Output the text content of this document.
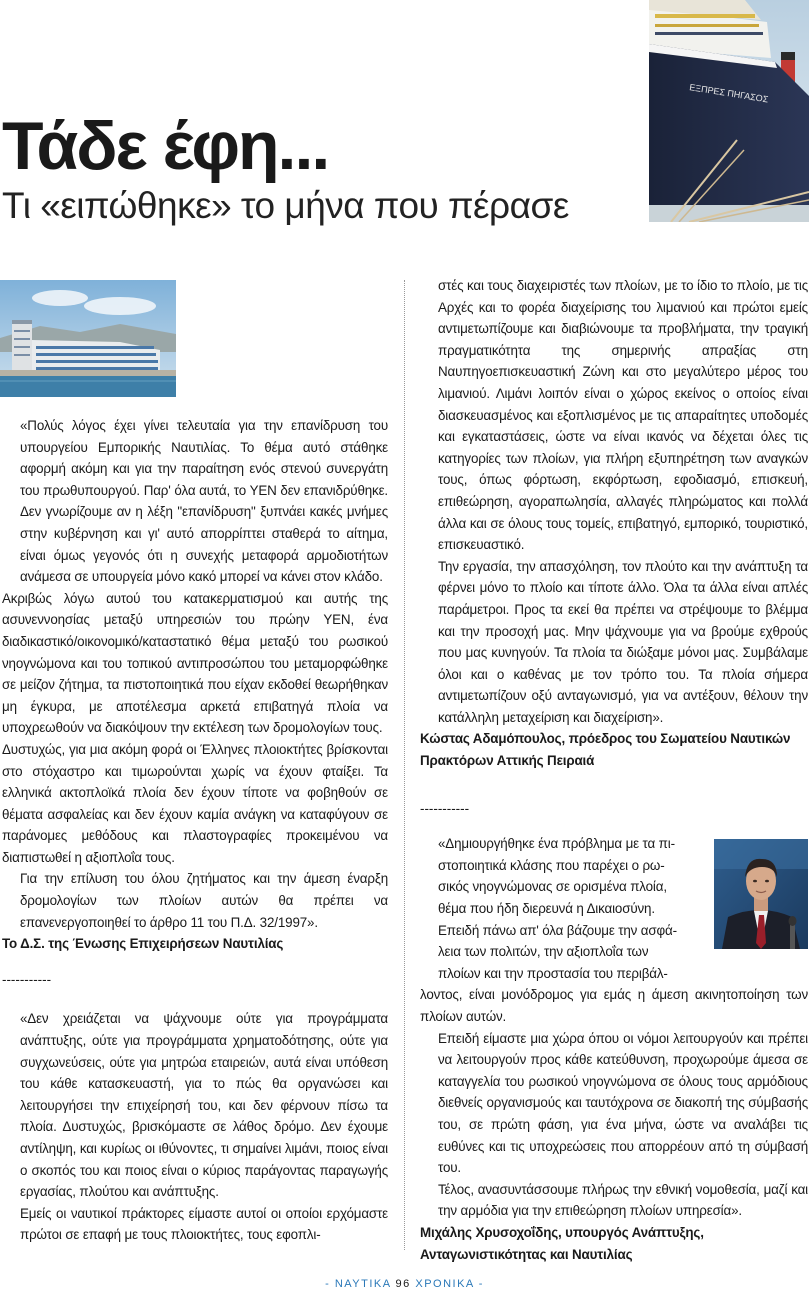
Τάδε έφη...
Τι «ειπώθηκε» το μήνα που πέρασε
ΕΞΠΡΕΣ ΠΗΓΑΣΟΣ

«Πολύς λόγος έχει γίνει τελευταία για την επανίδρυση του υπουργείου Εμπορικής Ναυτιλίας. Το θέμα αυτό στάθηκε αφορμή ακόμη και για την παραίτηση ενός στενού συνεργάτη του πρωθυπουργού. Παρ' όλα αυτά, το ΥΕΝ δεν επανιδρύθηκε. Δεν γνωρίζουμε αν η λέξη "επανίδρυση" ξυπνάει κακές μνήμες στην κυβέρνηση και γι' αυτό απορρίπτει σταθερά το αίτημα, είναι όμως γεγονός ότι η συνεχής μεταφορά αρμοδιοτήτων ανάμεσα σε υπουργεία μόνο κακό μπορεί να κάνει στον κλάδο.

Ακριβώς λόγω αυτού του κατακερματισμού και αυτής της ασυνεννοησίας μεταξύ υπηρεσιών του πρώην ΥΕΝ, ένα διαδικαστικό/οικονομικό/καταστατικό θέμα μεταξύ του ρωσικού νηογνώμονα και του τοπικού αντιπροσώπου του μεταμορφώθηκε σε μείζον ζήτημα, τα πιστοποιητικά που είχαν εκδοθεί θεωρήθηκαν μη έγκυρα, με αποτέλεσμα αρκετά επιβατηγά πλοία να υποχρεωθούν να διακόψουν την εκτέλεση των δρομολογίων τους.

Δυστυχώς, για μια ακόμη φορά οι Έλληνες πλοιοκτήτες βρίσκονται στο στόχαστρο και τιμωρούνται χωρίς να έχουν φταίξει. Τα ελληνικά ακτοπλοϊκά πλοία δεν έχουν τίποτε να φοβηθούν σε θέματα ασφαλείας και δεν έχουν καμία ανάγκη να καταφύγουν σε παράνομες μεθόδους και πλαστογραφίες προκειμένου να διαπιστωθεί η αξιοπλοΐα τους.

Για την επίλυση του όλου ζητήματος και την άμεση έναρξη δρομολογίων των πλοίων αυτών θα πρέπει να επανενεργοποιηθεί το άρθρο 11 του Π.Δ. 32/1997».

Το Δ.Σ. της Ένωσης Επιχειρήσεων Ναυτιλίας

-----------

«Δεν χρειάζεται να ψάχνουμε ούτε για προγράμματα ανάπτυξης, ούτε για προγράμματα χρηματοδότησης, ούτε για συγχωνεύσεις, ούτε για μητρώα εταιρειών, αυτά είναι υπόθεση του κάθε κατασκευαστή, για το πώς θα οργανώσει και λειτουργήσει την επιχείρησή του, και δεν φέρνουν πίσω τα πλοία. Δυστυχώς, βρισκόμαστε σε λάθος δρόμο. Δεν έχουμε αντίληψη, και κυρίως οι ιθύνοντες, τι σημαίνει λιμάνι, ποιος είναι ο σκοπός του και ποιος είναι ο κύριος παράγοντας παραγωγής εργασίας, πλούτου και ανάπτυξης.

Εμείς οι ναυτικοί πράκτορες είμαστε αυτοί οι οποίοι ερχόμαστε πρώτοι σε επαφή με τους πλοιοκτήτες, τους εφοπλι-

στές και τους διαχειριστές των πλοίων, με το ίδιο το πλοίο, με τις Αρχές και το φορέα διαχείρισης του λιμανιού και πρώτοι εμείς αντιμετωπίζουμε και διαβιώνουμε τα προβλήματα, την τραγική πραγματικότητα της σημερινής απραξίας στη Ναυπηγοεπισκευαστική Ζώνη και στο μεγαλύτερο μέρος του λιμανιού. Λιμάνι λοιπόν είναι ο χώρος εκείνος ο οποίος είναι διασκευασμένος και εξοπλισμένος με τις απαραίτητες υποδομές και εγκαταστάσεις, ώστε να είναι ικανός να δέχεται όλες τις κατηγορίες των πλοίων, για πλήρη εξυπηρέτηση των αναγκών τους, όπως φόρτωση, εκφόρτωση, εφοδιασμό, επισκευή, επιθεώρηση, αγοραπωλησία, αλλαγές πληρώματος και πολλά άλλα και σε όλους τους τομείς, επιβατηγό, εμπορικό, τουριστικό, επισκευαστικό.

Την εργασία, την απασχόληση, τον πλούτο και την ανάπτυξη τα φέρνει μόνο το πλοίο και τίποτε άλλο. Όλα τα άλλα είναι απλές παράμετροι. Προς τα εκεί θα πρέπει να στρέψουμε το βλέμμα και την προσοχή μας. Μην ψάχνουμε για να βρούμε εχθρούς που μας κυνηγούν. Τα πλοία τα διώξαμε μόνοι μας. Συμβάλαμε όλοι και ο καθένας με τον τρόπο του. Τα πλοία σήμερα αντιμετωπίζουν οξύ ανταγωνισμό, για να αντέξουν, θέλουν την κατάλληλη μεταχείριση και διαχείριση».

Κώστας Αδαμόπουλος, πρόεδρος του Σωματείου Ναυτικών Πρακτόρων Αττικής Πειραιά

-----------

«Δημιουργήθηκε ένα πρόβλημα με τα πι-

στοποιητικά κλάσης που παρέχει ο ρω-

σικός νηογνώμονας σε ορισμένα πλοία,

θέμα που ήδη διερευνά η Δικαιοσύνη.

Επειδή πάνω απ' όλα βάζουμε την ασφά-

λεια των πολιτών, την αξιοπλοΐα των

πλοίων και την προστασία του περιβάλ-

λοντος, είναι μονόδρομος για εμάς η άμεση ακινητοποίηση των πλοίων αυτών.

Επειδή είμαστε μια χώρα όπου οι νόμοι λειτουργούν και πρέπει να λειτουργούν προς κάθε κατεύθυνση, προχωρούμε άμεσα σε καταγγελία του ρωσικού νηογνώμονα σε όλους τους αρμόδιους διεθνείς οργανισμούς και ταυτόχρονα σε διακοπή της σύμβασής του, σε πρώτη φάση, για ένα μήνα, ώστε να αναλάβει τις ευθύνες και τις υποχρεώσεις που απορρέουν από τη σύμβασή του.

Τέλος, ανασυντάσσουμε πλήρως την εθνική νομοθεσία, μαζί και την αρμόδια για την επιθεώρηση πλοίων υπηρεσία».

Μιχάλης Χρυσοχοΐδης, υπουργός Ανάπτυξης,

Ανταγωνιστικότητας και Ναυτιλίας

- ΝΑΥΤΙΚΑ 96 ΧΡΟΝΙΚΑ -
